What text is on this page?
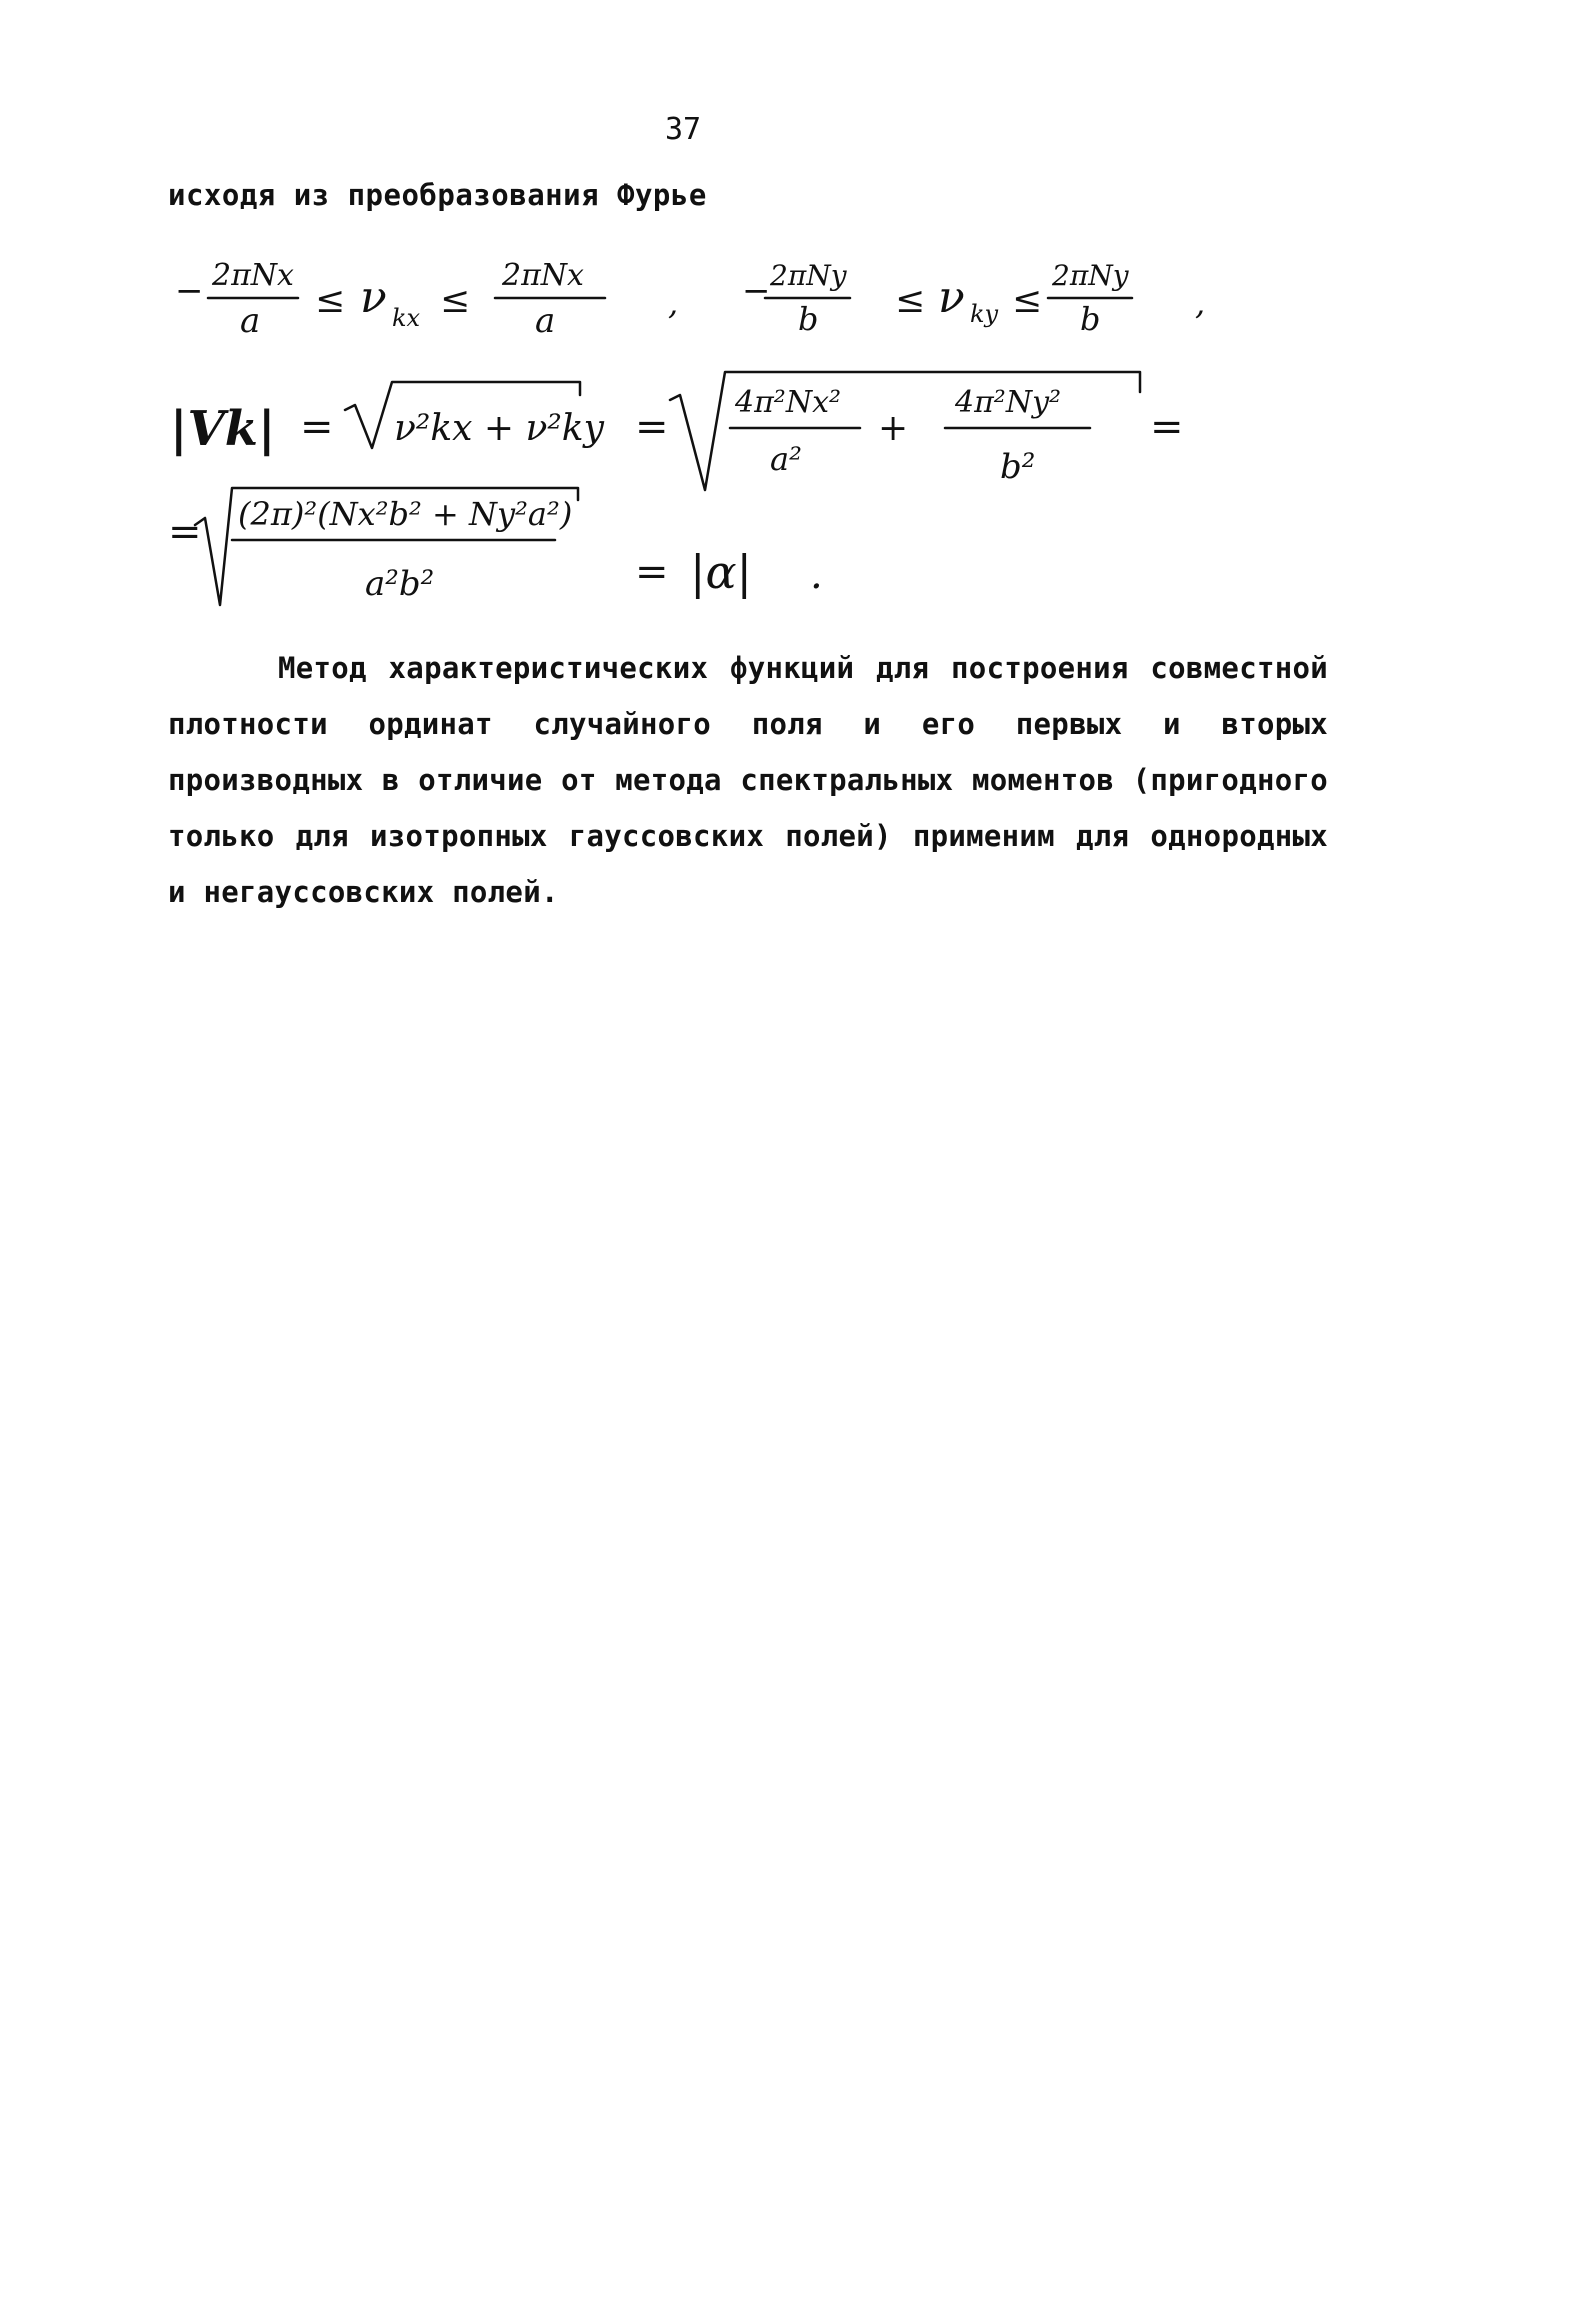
37
исходя из преобразования Фурье
− 2πNx
a ≤ ν kx ≤
2πNx
a	, − 2πNy
b ≤ ν ky ≤
2πNy
b	,
|Vk| = ν²kx + ν²ky =
4π²Nx²
a²
+
4π²Ny²
b²
=
= (2π)²(Nx²b² + Ny²a²)
a²b²	= |α| .
Метод характеристических функций для построения совместной плотности ординат случайного поля и его первых и вторых производных в отличие от метода спектральных моментов (пригодного только для изотропных гауссовских полей) применим для однородных и негауссовских полей.
